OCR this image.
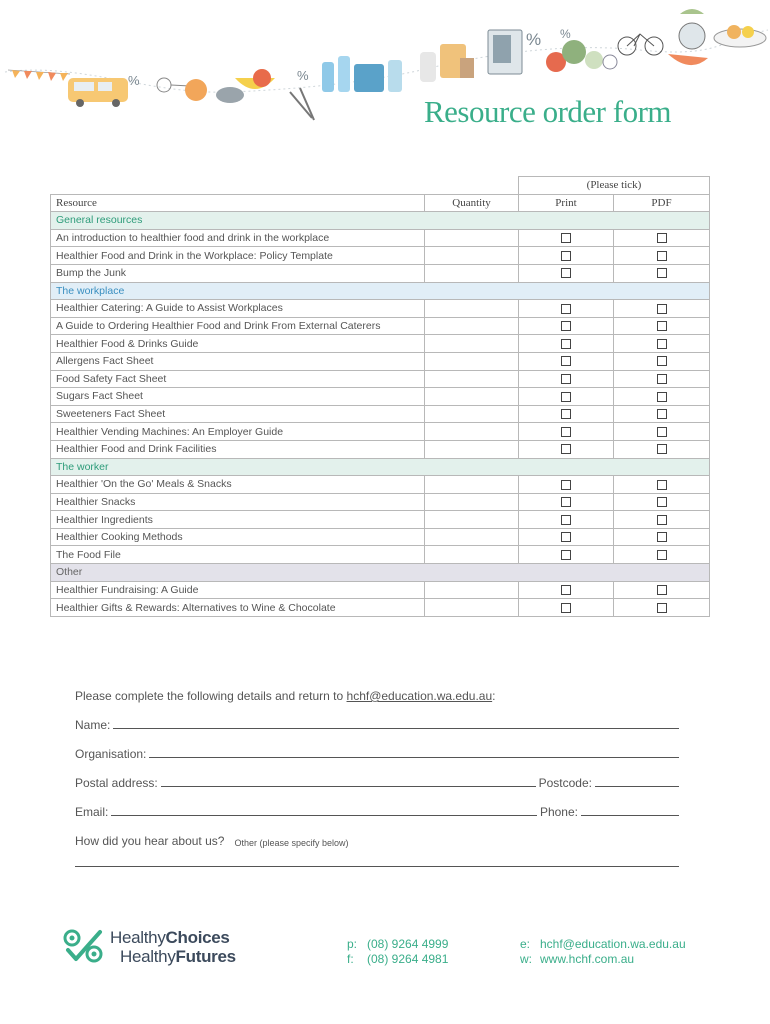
%	%
% %
Resource order form
		(Please tick)	
Resource	Quantity	Print	PDF
General resources			
An introduction to healthier food and drink in the workplace			
Healthier Food and Drink in the Workplace: Policy Template			
Bump the Junk			
The workplace			
Healthier Catering: A Guide to Assist Workplaces			
A Guide to Ordering Healthier Food and Drink From External Caterers			
Healthier Food & Drinks Guide			
Allergens Fact Sheet			
Food Safety Fact Sheet			
Sugars Fact Sheet			
Sweeteners Fact Sheet			
Healthier Vending Machines: An Employer Guide			
Healthier Food and Drink Facilities			
The worker			
Healthier 'On the Go' Meals & Snacks			
Healthier Snacks			
Healthier Ingredients			
Healthier Cooking Methods			
The Food File			
Other			
Healthier Fundraising: A Guide			
Healthier Gifts & Rewards: Alternatives to Wine & Chocolate			
Please complete the following details and return to hchf@education.wa.edu.au:
Name:
Organisation:
Postal address:	Postcode:
Email:	Phone:
How did you hear about us? Other (please specify below)
HealthyChoices
HealthyFutures
p: (08) 9264 4999
f: (08) 9264 4981
e: hchf@education.wa.edu.au
w: www.hchf.com.au
